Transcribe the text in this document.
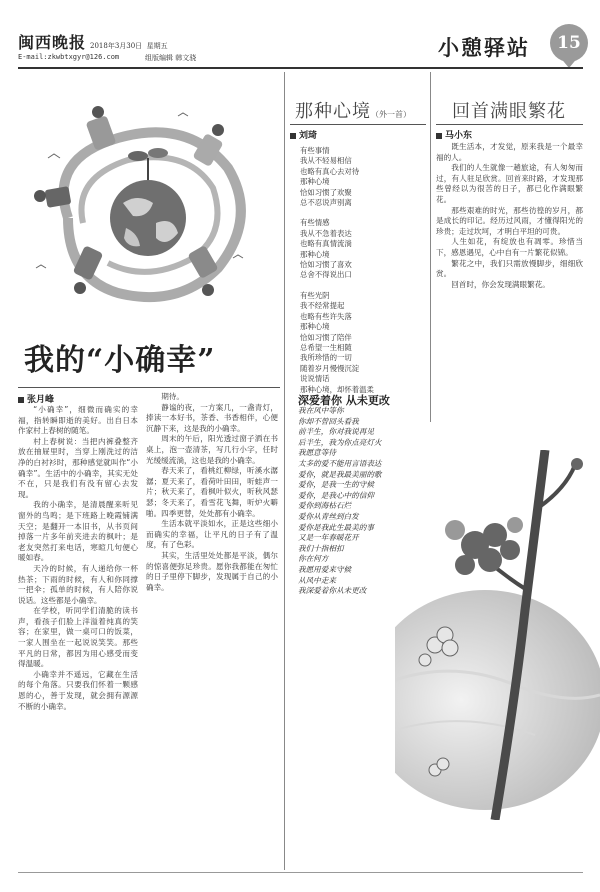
闽西晚报 2018年3月30日 星期五
E-mail:zkwbtxgyr@126.com	组版编辑 韩文骁	小憩驿站	15
我的“小确幸”
张月峰

“小确幸”，细微而确实的幸福，指转瞬即逝的美好。出自日本作家村上春树的随笔。

村上春树说：当把内裤叠整齐放在抽屉里时，当穿上刚洗过的洁净的白衬衫时，那种感觉就叫作“小确幸”。生活中的小确幸，其实无处不在，只是我们有没有留心去发现。

我的小确幸，是清晨醒来听见窗外的鸟鸣；是下班路上晚霞铺满天空；是翻开一本旧书，从书页间掉落一片多年前夹进去的枫叶；是老友突然打来电话，寒暄几句便心暖如春。

天冷的时候，有人递给你一杯热茶；下雨的时候，有人和你同撑一把伞；孤单的时候，有人陪你说说话。这些都是小确幸。

在学校，听同学们清脆的读书声，看孩子们脸上洋溢着纯真的笑容；在家里，做一桌可口的饭菜，一家人围坐在一起说说笑笑。那些平凡的日常，都因为用心感受而变得温暖。

小确幸并不遥远，它藏在生活的每个角落。只要我们怀着一颗感恩的心，善于发现，就会拥有源源不断的小确幸。

期待。

静谧的夜，一方案几，一盏青灯，捧读一本好书，茶香、书香相伴，心便沉静下来，这是我的小确幸。

周末的午后，阳光透过窗子洒在书桌上，泡一壶清茶，写几行小字，任时光缓缓流淌，这也是我的小确幸。

春天来了，看桃红柳绿，听溪水潺潺；夏天来了，看荷叶田田，听蛙声一片；秋天来了，看枫叶似火，听秋风瑟瑟；冬天来了，看雪花飞舞，听炉火噼啪。四季更替，处处都有小确幸。

生活本就平淡如水，正是这些细小而确实的幸福，让平凡的日子有了温度，有了色彩。

其实，生活里处处都是平淡，偶尔的惊喜便弥足珍贵。愿你我都能在匆忙的日子里停下脚步，发现属于自己的小确幸。

那种心境（外一首）
刘琦
有些事情
我从不轻易相信
也略有真心去对待
那种心境
恰如习惯了欢聚
总不忍说声别离
有些情感
我从不急着表达
也略有真情流淌
那种心境
恰如习惯了喜欢
总舍不得说出口
有些光阴
我不经常提起
也略有些许失落
那种心境
恰如习惯了陪伴
总希望一生相随
我所珍惜的一切
随着岁月慢慢沉淀
说说情话
那种心境，却怀着温柔
深爱着你 从未更改
我在风中等你
你却不曾回头看我
前半生，你对我说再见
后半生，我为你点亮灯火
我愿意等待
太多的爱不能用言语表达
爱你，就是我最美丽的歌
爱你，是我一生的守候
爱你，是我心中的信仰
爱你到海枯石烂
爱你从青丝到白发
爱你是我此生最美的事
又是一年春暖花开
我们十指相扣
你在何方
我愿用爱来守候
从风中走来
我深爱着你从未更改
回首满眼繁花
马小东

既生活本，才发觉，原来我是一个最幸福的人。

我们的人生就像一趟旅途，有人匆匆而过，有人驻足欣赏。回首来时路，才发现那些曾经以为很苦的日子，都已化作满眼繁花。

那些艰难的时光，那些彷徨的岁月，都是成长的印记。经历过风雨，才懂得阳光的珍贵；走过坎坷，才明白平坦的可贵。

人生如花，有绽放也有凋零。珍惜当下，感恩遇见，心中自有一片繁花似锦。

繁花之中，我们只需放慢脚步，细细欣赏。

回首时，你会发现满眼繁花。
